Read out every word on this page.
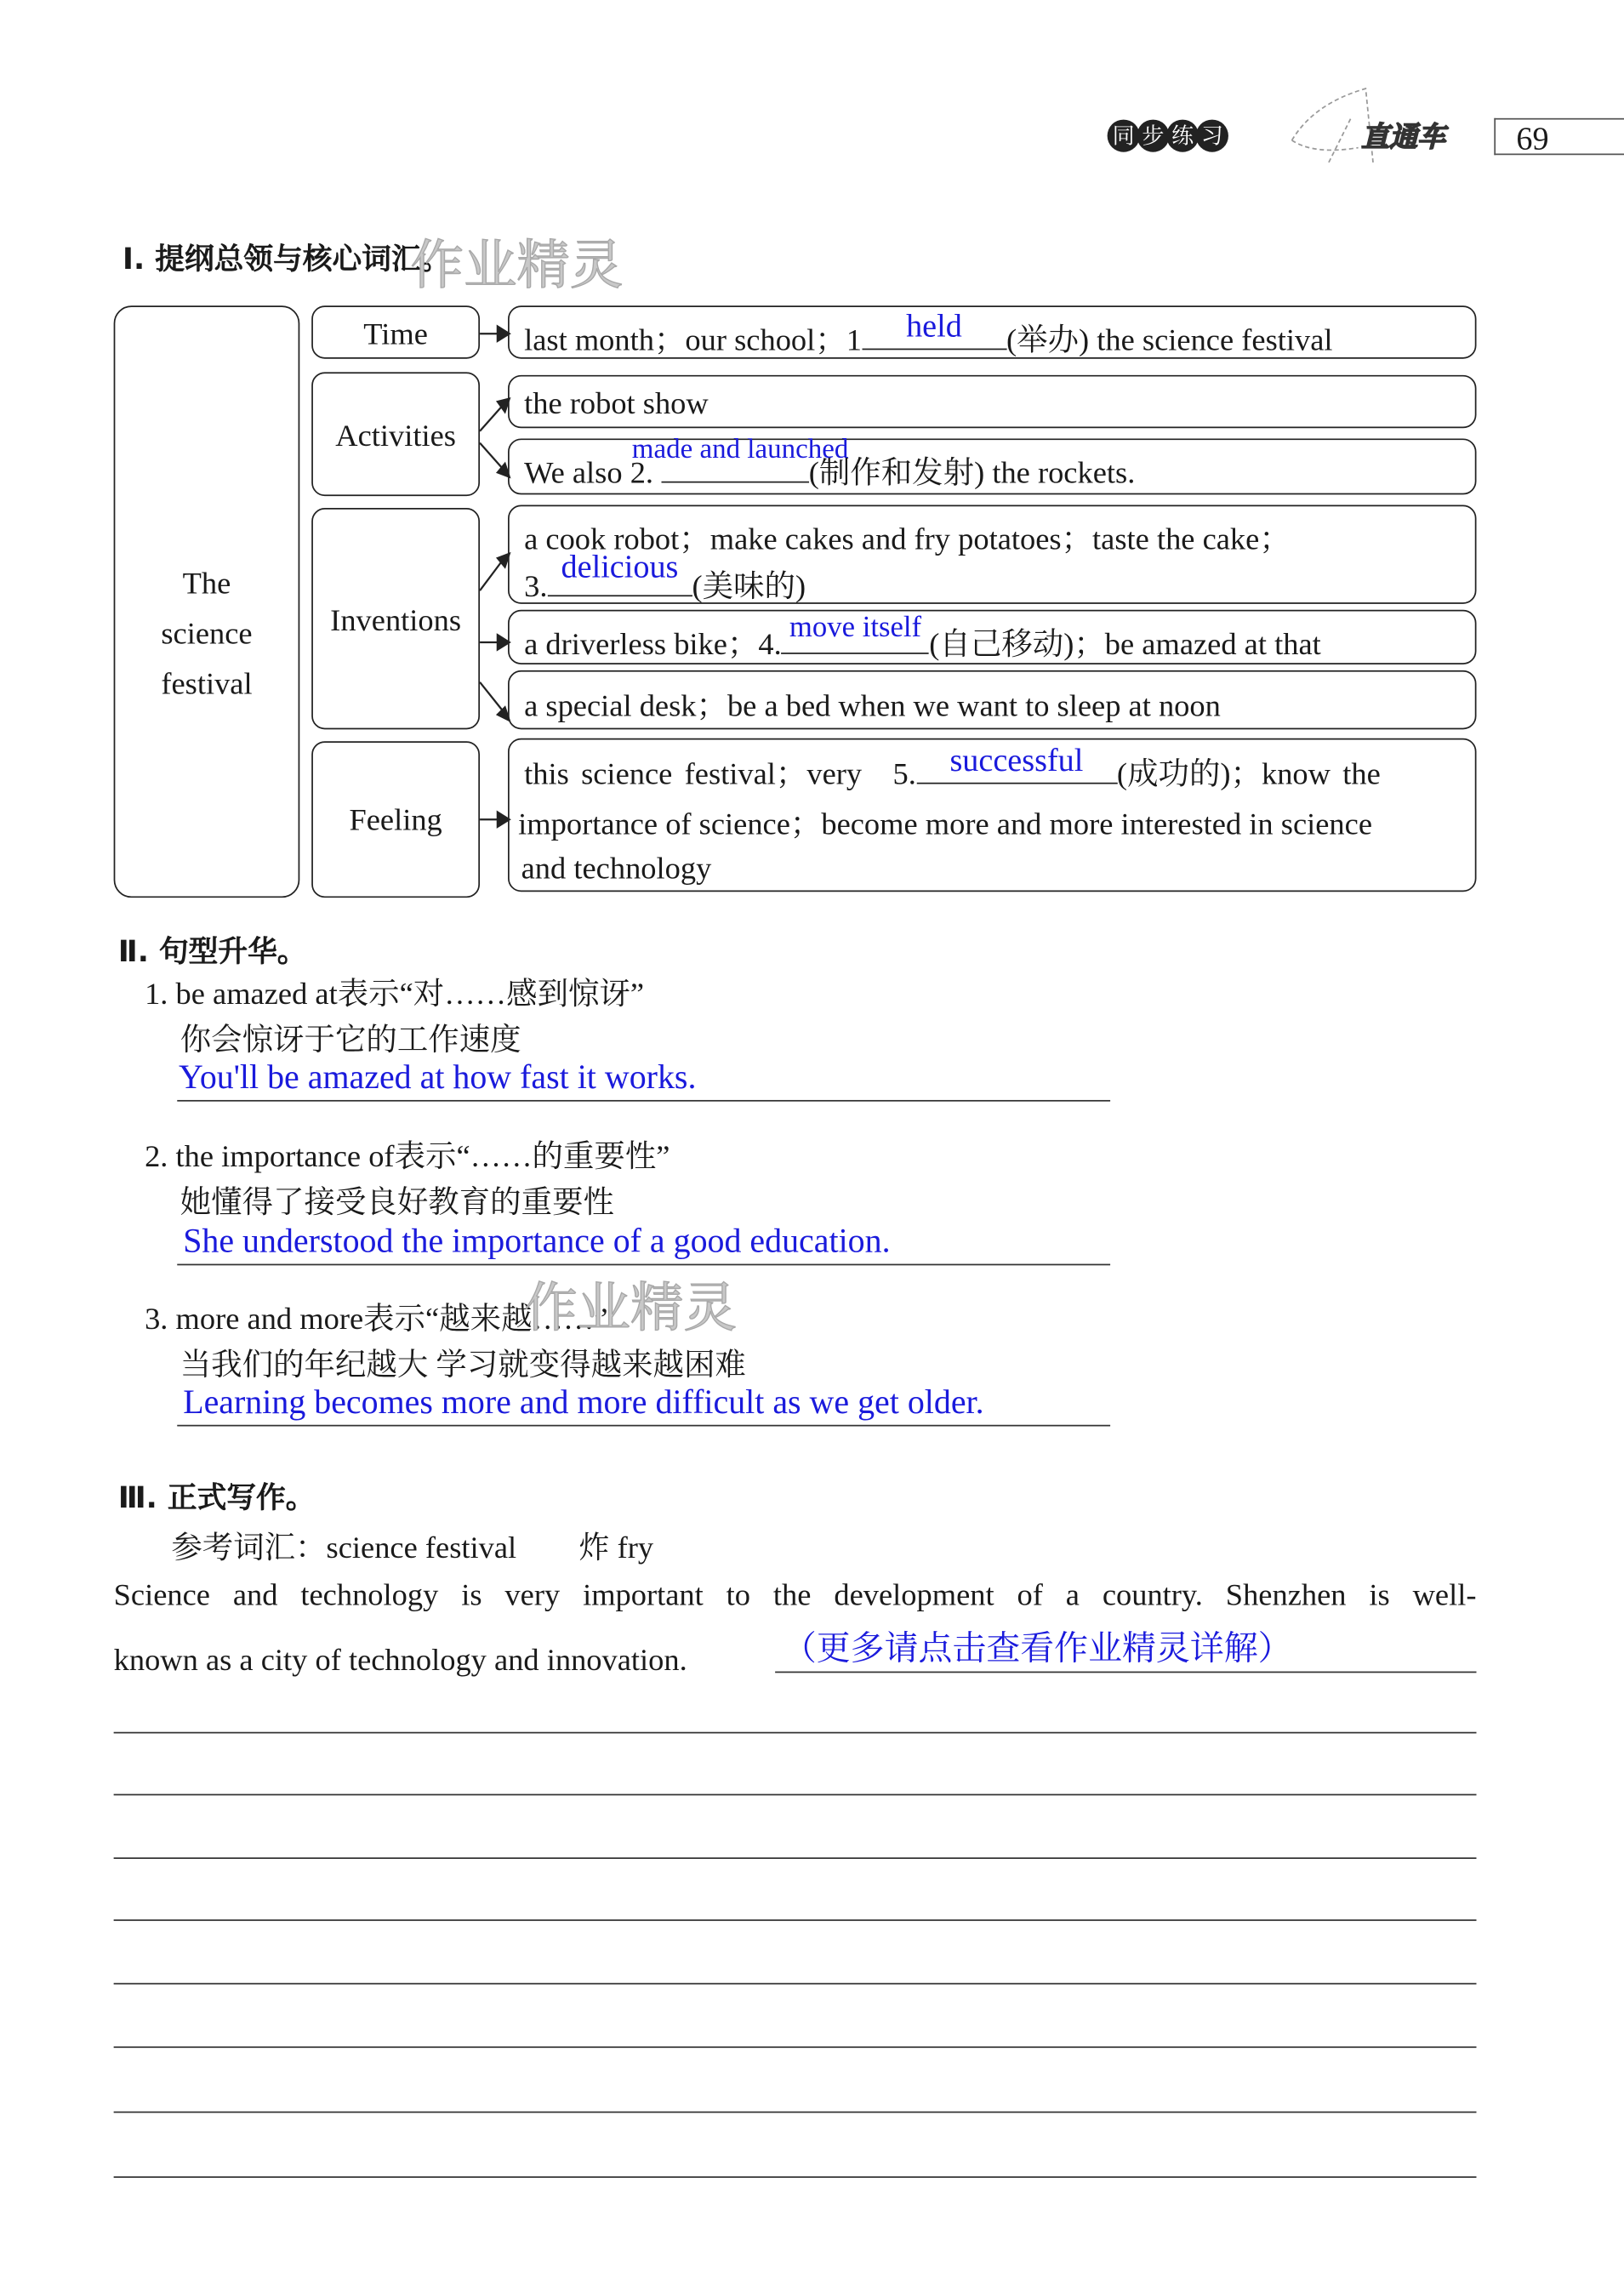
同 步 练 习	直通车	69
Ⅰ. 提纲总领与核心词汇。
作业精灵
The science festival
Time
Activities
Inventions
Feeling
last month；our school；1	held	(举办) the science festival
the robot show
We also 2.	(制作和发射) the rockets.
made and launched
a cook robot；make cakes and fry potatoes；taste the cake；
3.
delicious
(美味的)
a driverless bike；4. move itself (自己移动)；be amazed at that
a special desk；be a bed when we want to sleep at noon
this science festival；very　5.	successful	(成功的)；know the
importance of science；become more and more interested in science
and technology
Ⅱ. 句型升华。
1. be amazed at表示“对……感到惊讶”
你会惊讶于它的工作速度
You'll be amazed at how fast it works.
2. the importance of表示“……的重要性”
她懂得了接受良好教育的重要性
She understood the importance of a good education.
3. more and more表示“越来越……”
当我们的年纪越大 学习就变得越来越困难
Learning becomes more and more difficult as we get older.
作业精灵
Ⅲ. 正式写作。
参考词汇：science festival　　炸 fry
Science and technology is very important to the development of a country. Shenzhen is well-
known as a city of technology and innovation.	（更多请点击查看作业精灵详解）
